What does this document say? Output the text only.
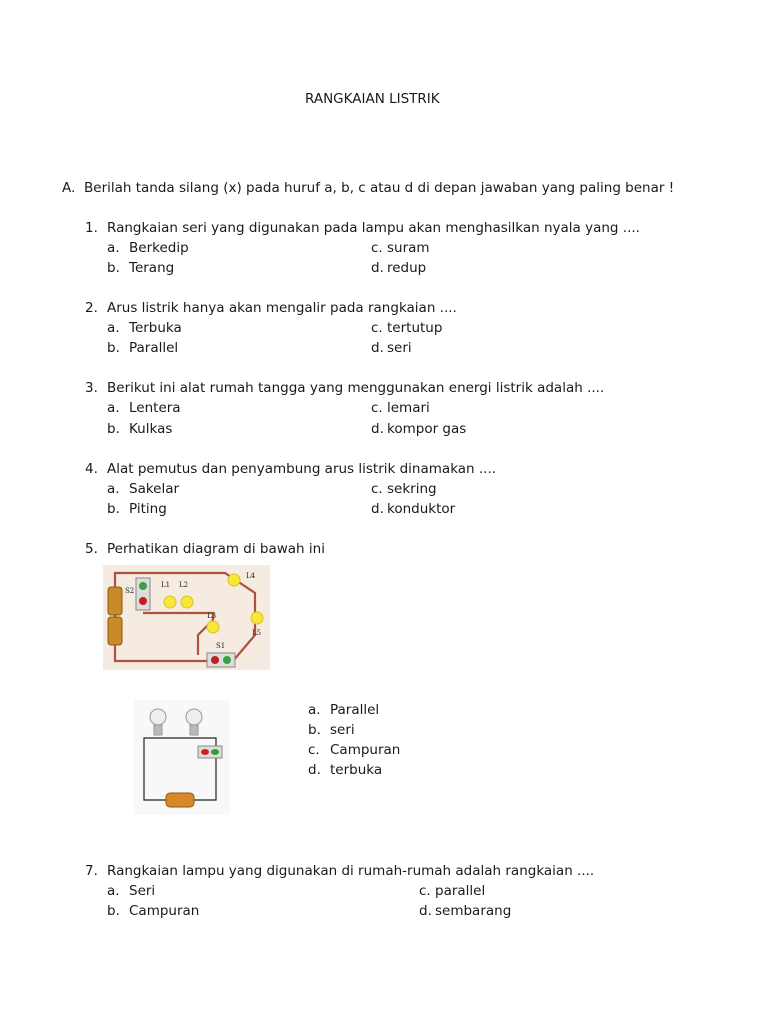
RANGKAIAN LISTRIK
A. Berilah tanda silang (x) pada huruf a, b, c atau d di depan jawaban yang paling benar !
1. Rangkaian seri yang digunakan pada lampu akan menghasilkan nyala yang ....
a. Berkedip	c. suram
b. Terang	d. redup
2. Arus listrik hanya akan mengalir pada rangkaian ....
a. Terbuka	c. tertutup
b. Parallel	d. seri
3. Berikut ini alat rumah tangga yang menggunakan energi listrik adalah ....
a. Lentera	c. lemari
b. Kulkas	d. kompor gas
4. Alat pemutus dan penyambung arus listrik dinamakan ....
a. Sakelar	c. sekring
b. Piting	d. konduktor
5. Perhatikan diagram di bawah ini
S2
L1 L2
L3
L4
L5
S1
a. Parallel
b. seri
c. Campuran
d. terbuka
7. Rangkaian lampu yang digunakan di rumah-rumah adalah rangkaian ....
a. Seri	c. parallel
b. Campuran	d. sembarang
